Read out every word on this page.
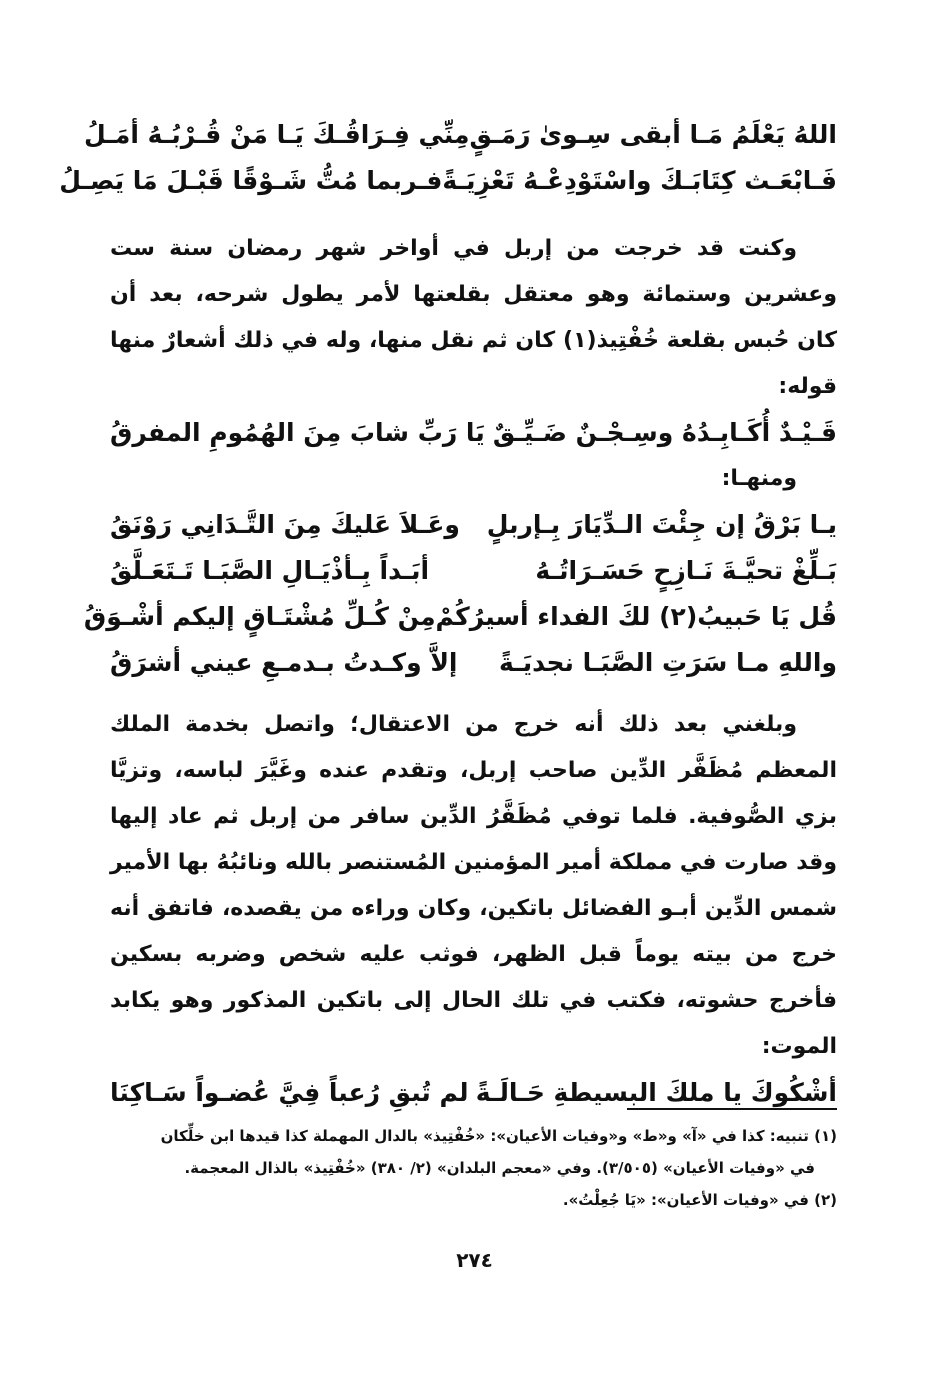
اللهُ يَعْلَمُ مَـا أبقى سِـوىٰ رَمَـقٍ
مِنِّي فِـرَاقُـكَ يَـا مَنْ قُـرْبُـهُ أمَـلُ
فَـابْعَـث كِتَابَـكَ واسْتَوْدِعْـهُ تَعْزِيَـةً
فـربما مُتُّ شَـوْقًا قَبْـلَ مَا يَصِـلُ

وكنت قد خرجت من إربل في أواخر شهر رمضان سنة ست وعشرين وستمائة وهو معتقل بقلعتها لأمر يطول شرحه، بعد أن كان حُبس بقلعة خُفْتِيذ(١) كان ثم نقل منها، وله في ذلك أشعارٌ منها قوله:

قَـيْـدٌ أُكَـابِـدُهُ وسِـجْـنٌ ضَـيِّـقٌ
يَا رَبِّ شابَ مِنَ الهُمُومِ المفرقُ

ومنهـا:

يـا بَرْقُ إن جِئْتَ الـدِّيَارَ بِـإربلٍ
وعَـلاَ عَليكَ مِنَ التَّـدَانِي رَوْنَقُ
بَـلِّغْ تحيَّـةَ نَـازِحٍ حَسَـرَاتُـهُ
أبَـداً بِـأذْيَـالِ الصَّبَـا تَـتَعَـلَّقُ
قُل يَا حَبيبُ(٢) لكَ الفداء أسيرُكُمْ
مِنْ كُـلِّ مُشْتَـاقٍ إليكم أشْـوَقُ
واللهِ مـا سَرَتِ الصَّبَـا نجديَـةً
إلاَّ وكـدتُ بـدمـعِ عيني أشرَقُ

وبلغني بعد ذلك أنه خرج من الاعتقال؛ واتصل بخدمة الملك المعظم مُظَفَّر الدِّين صاحب إربل، وتقدم عنده وغَيَّرَ لباسه، وتزيَّا بزي الصُّوفية. فلما توفي مُظَفَّرُ الدِّين سافر من إربل ثم عاد إليها وقد صارت في مملكة أمير المؤمنين المُستنصر بالله ونائبُهُ بها الأمير شمس الدِّين أبـو الفضائل باتكين، وكان وراءه من يقصده، فاتفق أنه خرج من بيته يوماً قبل الظهر، فوثب عليه شخص وضربه بسكين فأخرج حشوته، فكتب في تلك الحال إلى باتكين المذكور وهو يكابد الموت:

أشْكُوكَ يا ملكَ البسيطةِ حَـالَـةً
لم تُبقِ رُعباً فِيَّ عُضـواً سَـاكِنَا
(١) تنبيه: كذا في «آ» و«ط» و«وفيات الأعيان»: «خُفْتِيذ» بالدال المهملة كذا قيدها ابن خلِّكان
في «وفيات الأعيان» (٣/٥٠٥). وفي «معجم البلدان» (٢/ ٣٨٠) «خُفْتِيذ» بالذال المعجمة.
(٢) في «وفيات الأعيان»: «يَا جُعِلْتُ».
٢٧٤
